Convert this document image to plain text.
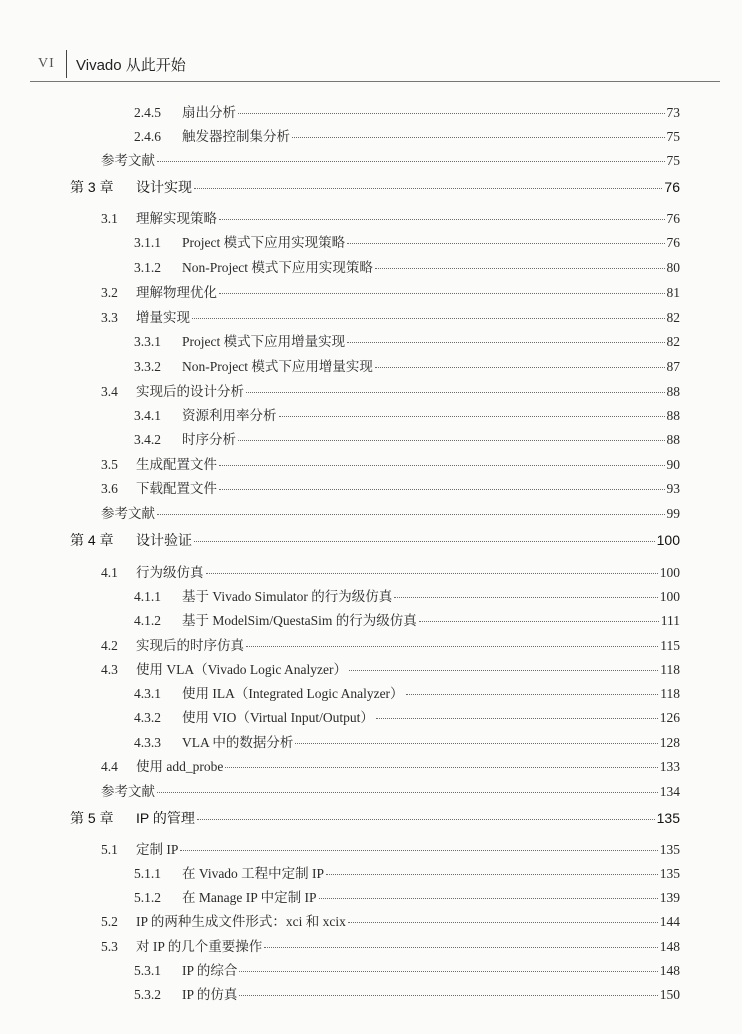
VI Vivado 从此开始
2.4.5	扇出分析	73
2.4.6	触发器控制集分析	75
参考文献	75
第 3 章	设计实现	76
3.1	理解实现策略	76
3.1.1	Project 模式下应用实现策略	76
3.1.2	Non-Project 模式下应用实现策略	80
3.2	理解物理优化	81
3.3	增量实现	82
3.3.1	Project 模式下应用增量实现	82
3.3.2	Non-Project 模式下应用增量实现	87
3.4	实现后的设计分析	88
3.4.1	资源利用率分析	88
3.4.2	时序分析	88
3.5	生成配置文件	90
3.6	下载配置文件	93
参考文献	99
第 4 章	设计验证	100
4.1	行为级仿真	100
4.1.1	基于 Vivado Simulator 的行为级仿真	100
4.1.2	基于 ModelSim/QuestaSim 的行为级仿真	111
4.2	实现后的时序仿真	115
4.3	使用 VLA（Vivado Logic Analyzer）	118
4.3.1	使用 ILA（Integrated Logic Analyzer）	118
4.3.2	使用 VIO（Virtual Input/Output）	126
4.3.3	VLA 中的数据分析	128
4.4	使用 add_probe	133
参考文献	134
第 5 章	IP 的管理	135
5.1	定制 IP	135
5.1.1	在 Vivado 工程中定制 IP	135
5.1.2	在 Manage IP 中定制 IP	139
5.2	IP 的两种生成文件形式：xci 和 xcix	144
5.3	对 IP 的几个重要操作	148
5.3.1	IP 的综合	148
5.3.2	IP 的仿真	150
